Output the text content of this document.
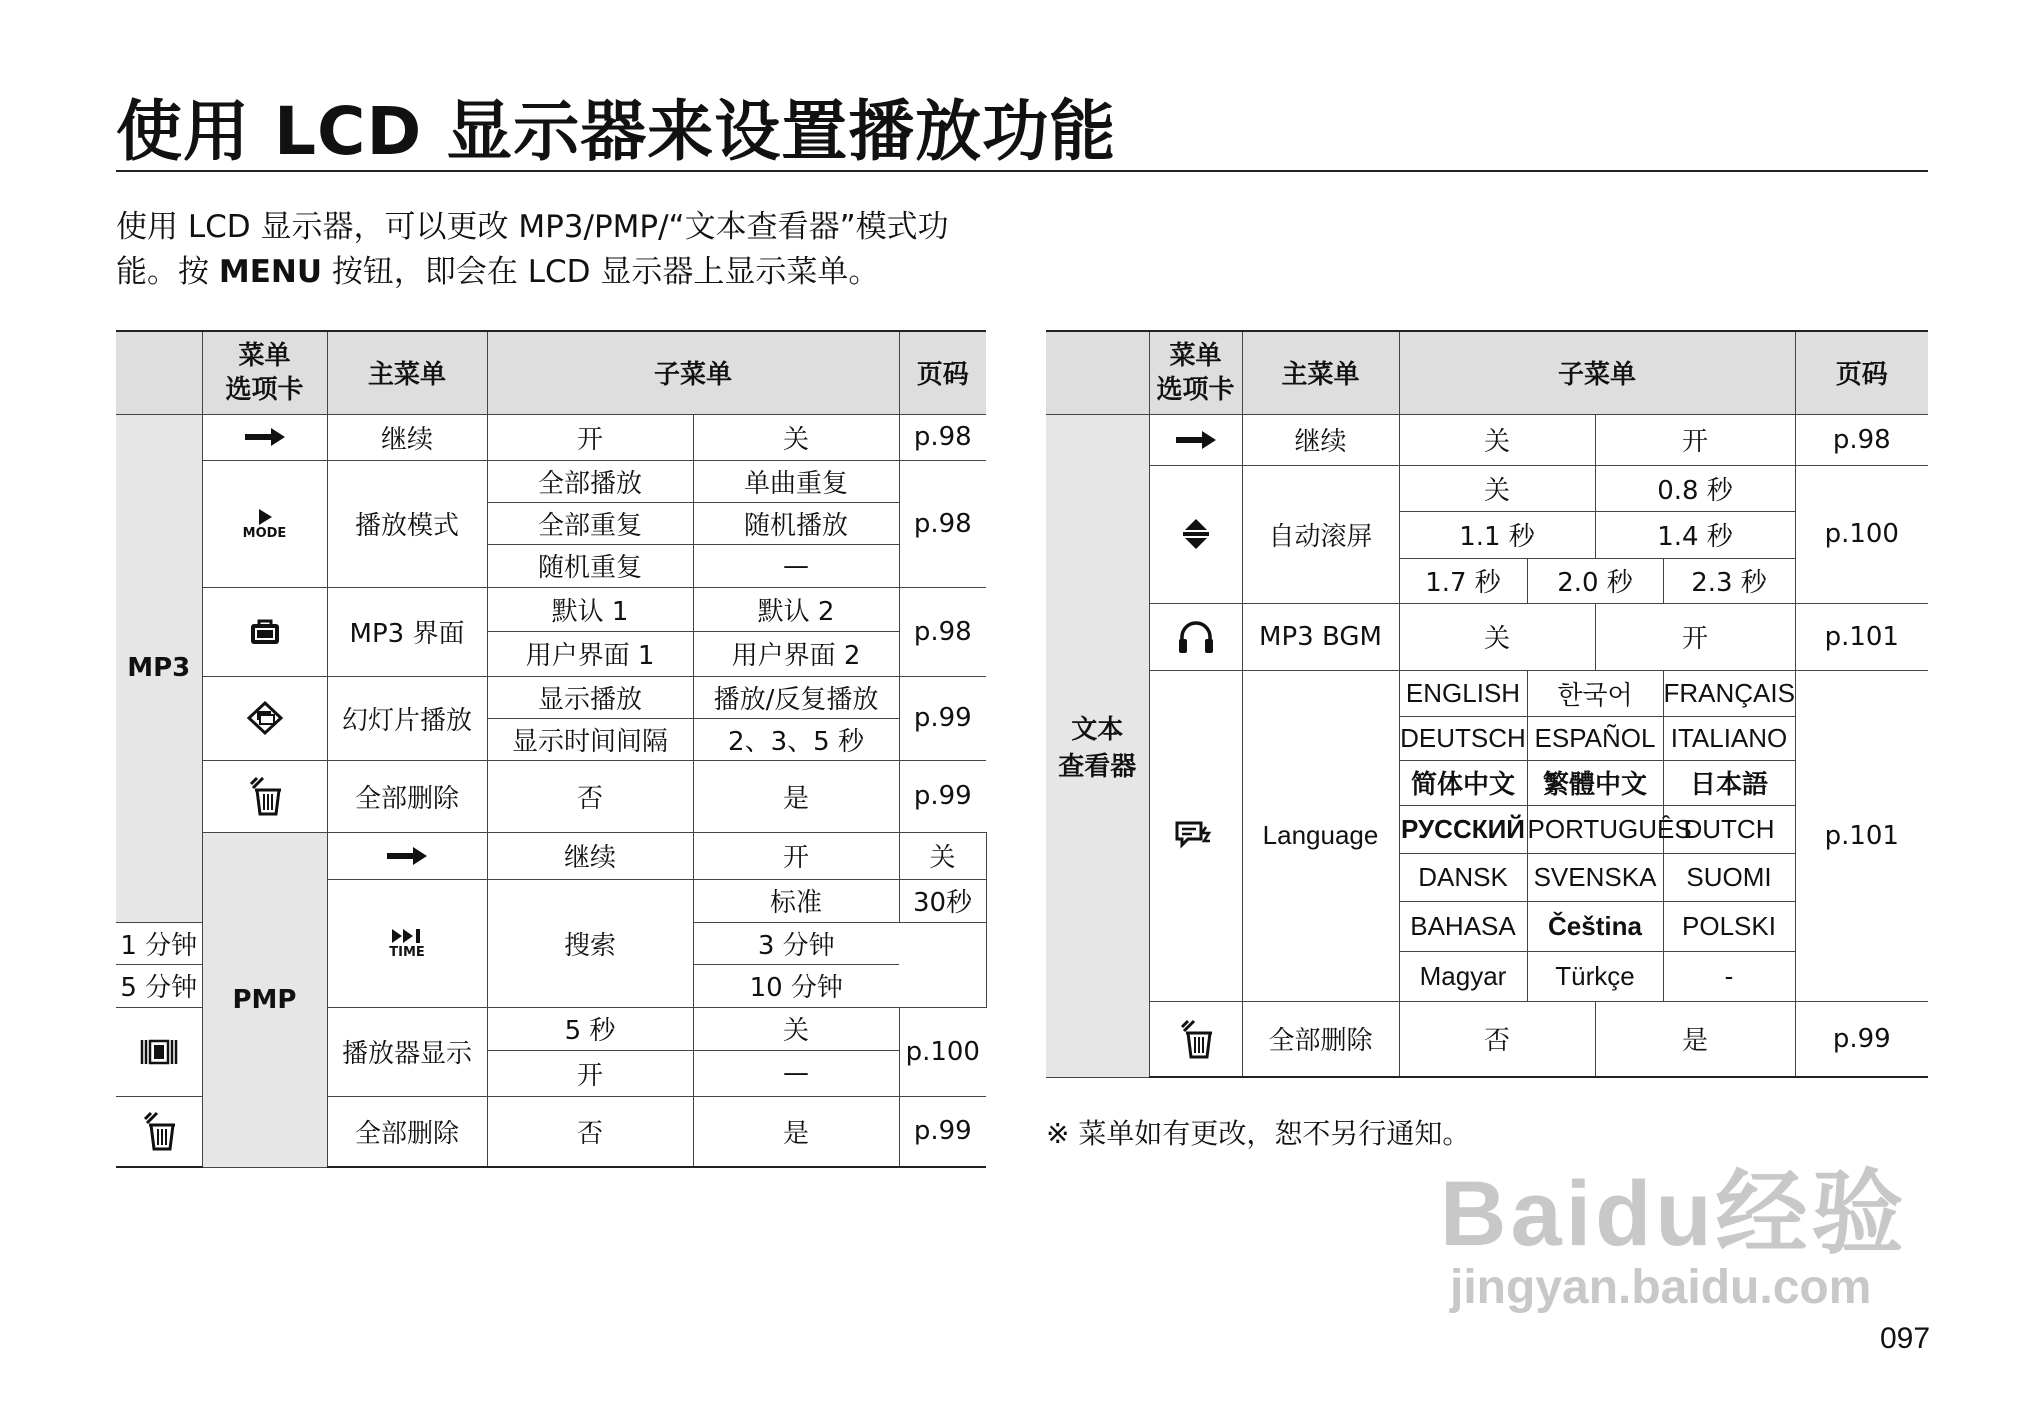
使用 LCD 显示器来设置播放功能

使用 LCD 显示器，可以更改 MP3/PMP/“文本查看器”模式功
能。按 MENU 按钮，即会在 LCD 显示器上显示菜单。

	菜单
选项卡	主菜单	子菜单		页码	
MP3		继续	开	关	p.98	

	MODE	播放模式	全部播放	单曲重复	p.98	
			全部重复	随机播放		
			随机重复	—		

	MP3 界面	默认 1	默认 2	p.98	
			用户界面 1	用户界面 2		

	幻灯片播放	显示播放	播放/反复播放	p.99	
			显示时间间隔	2、3、5 秒		

	全部删除	否	是	p.99	
	PMP		继续	开	关	

		TIME	搜索	标准	30秒	
1 分钟				3 分钟		
5 分钟				10 分钟		

	播放器显示	5 秒	关	p.100	
			开	—		

	全部删除	否	是	p.99	

	菜单
选项卡	主菜单	子菜单				页码
文本
查看器		继续	关		开		p.98

	自动滚屏	关		0.8 秒		p.100
			1.1 秒		1.4 秒		
			1.7 秒	2.0 秒		2.3 秒	

	MP3 BGM	关		开		p.101

	Language	ENGLISH	한국어		FRANÇAIS	p.101
			DEUTSCH	ESPAÑOL		ITALIANO	
			简体中文	繁體中文		日本語	
			РУССКИЙ	PORTUGUÊS		DUTCH	
			DANSK	SVENSKA		SUOMI	
			BAHASA	Čeština		POLSKI	
			Magyar	Türkçe		-	

	全部删除	否		是		p.99

※ 菜单如有更改，恕不另行通知。

Baidu经验
jingyan.baidu.com

097
